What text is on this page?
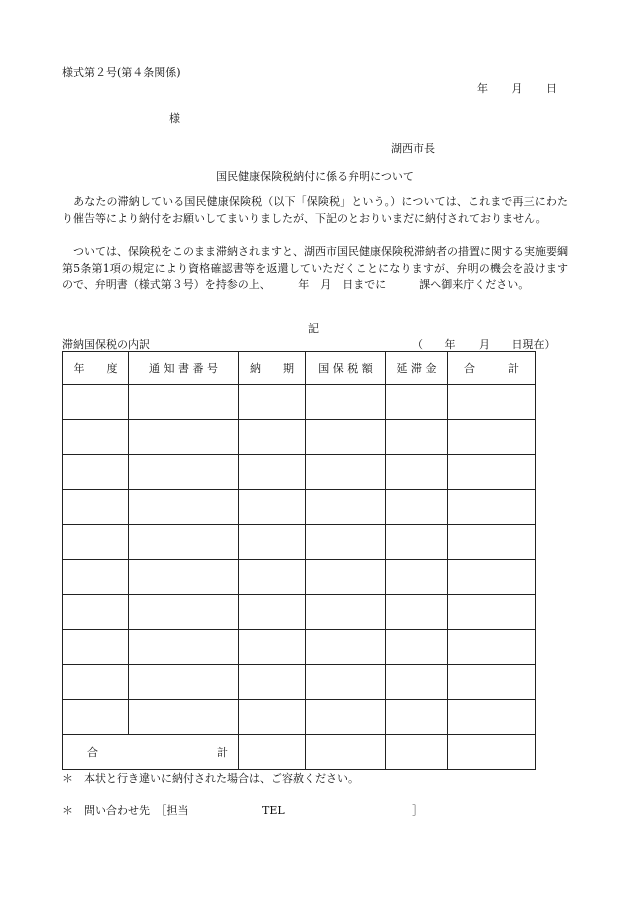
様式第２号(第４条関係)
年 月 日
様
湖西市長
国民健康保険税納付に係る弁明について
　あなたの滞納している国民健康保険税（以下「保険税」という。）については、これまで再三にわたり催告等により納付をお願いしてまいりましたが、下記のとおりいまだに納付されておりません。
　ついては、保険税をこのまま滞納されますと、湖西市国民健康保険税滞納者の措置に関する実施要綱第5条第1項の規定により資格確認書等を返還していただくことになりますが、弁明の機会を設けますので、弁明書（様式第３号）を持参の上、　　　年　月　日までに　　　課へ御来庁ください。
記
滞納国保税の内訳	（ 年 月 日現在）
年　　度	通 知 書 番 号	納　　期	国 保 税 額	延 滞 金	合　　　計

合 計					

＊　本状と行き違いに納付された場合は、ご容赦ください。
＊　問い合わせ先　［担当	TEL	］
